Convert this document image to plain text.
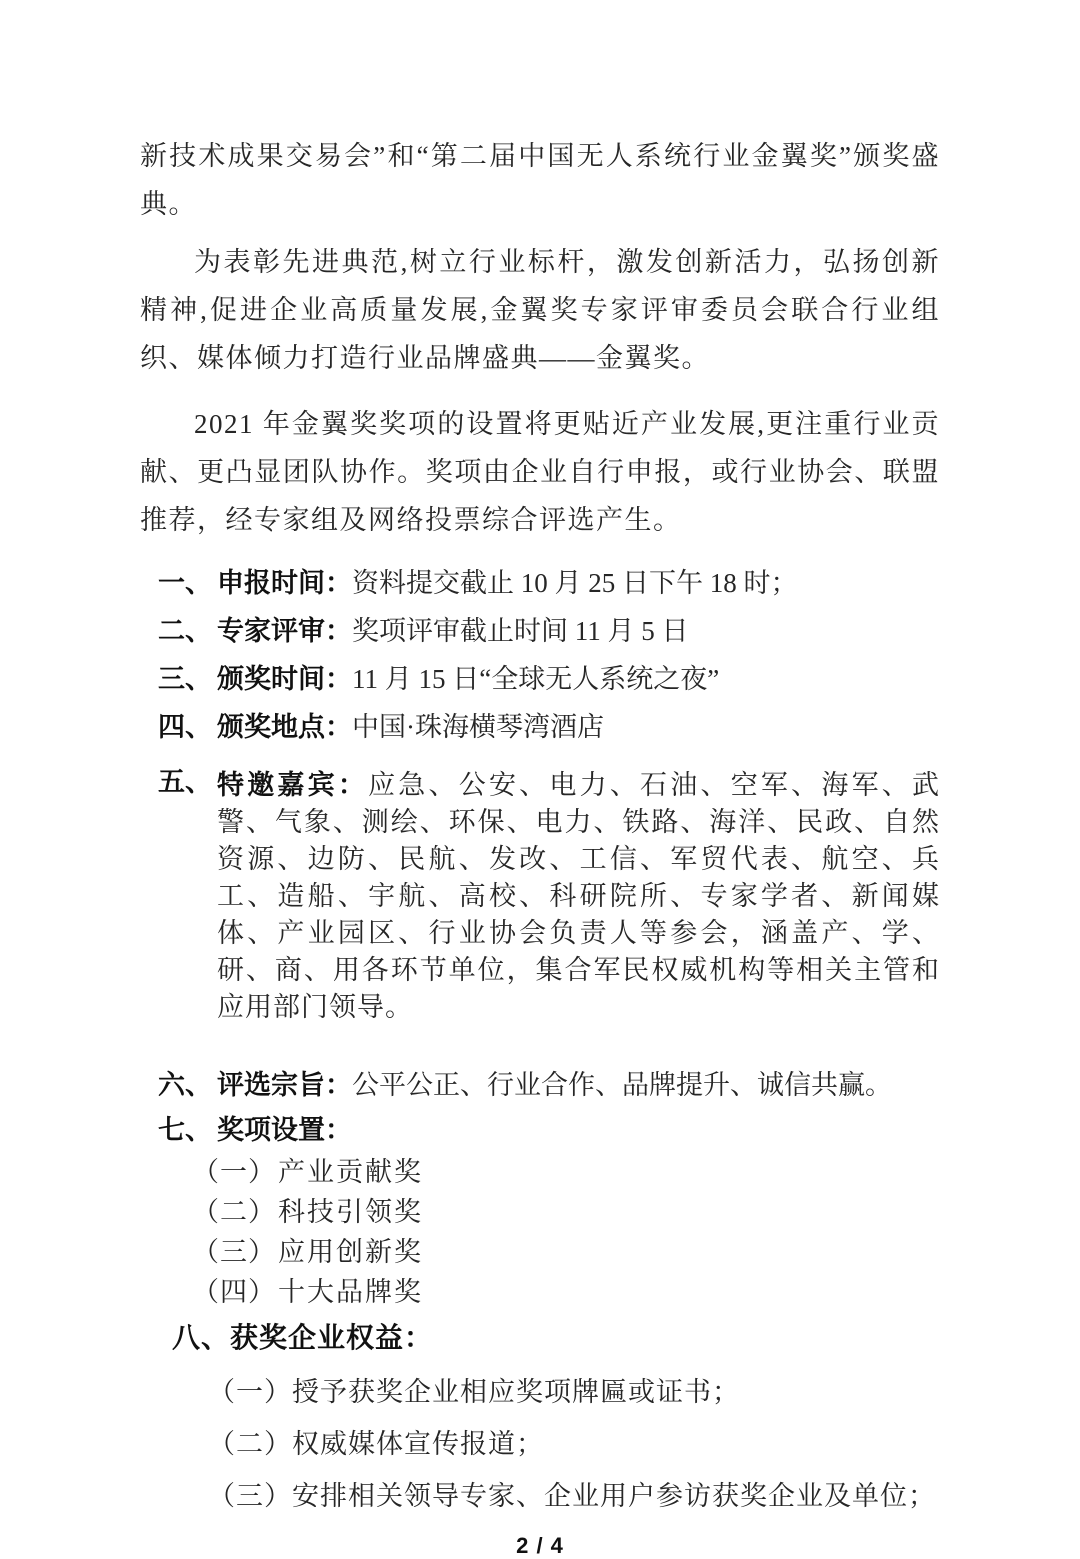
新技术成果交易会”和“第二届中国无人系统行业金翼奖”颁奖盛典。

为表彰先进典范,树立行业标杆，激发创新活力，弘扬创新精神,促进企业高质量发展,金翼奖专家评审委员会联合行业组织、媒体倾力打造行业品牌盛典——金翼奖。

2021 年金翼奖奖项的设置将更贴近产业发展,更注重行业贡献、更凸显团队协作。奖项由企业自行申报，或行业协会、联盟推荐，经专家组及网络投票综合评选产生。

一、 申报时间：资料提交截止 10 月 25 日下午 18 时；
二、 专家评审：奖项评审截止时间 11 月 5 日
三、 颁奖时间：11 月 15 日“全球无人系统之夜”
四、 颁奖地点：中国·珠海横琴湾酒店
五、 特邀嘉宾：应急、公安、电力、石油、空军、海军、武警、气象、测绘、环保、电力、铁路、海洋、民政、自然资源、边防、民航、发改、工信、军贸代表、航空、兵工、造船、宇航、高校、科研院所、专家学者、新闻媒体、产业园区、行业协会负责人等参会，涵盖产、学、研、商、用各环节单位，集合军民权威机构等相关主管和应用部门领导。
六、 评选宗旨：公平公正、行业合作、品牌提升、诚信共赢。
七、 奖项设置：
（一）产业贡献奖
（二）科技引领奖
（三）应用创新奖
（四）十大品牌奖
八、获奖企业权益：
（一）授予获奖企业相应奖项牌匾或证书；
（二）权威媒体宣传报道；
（三）安排相关领导专家、企业用户参访获奖企业及单位；
2 / 4
